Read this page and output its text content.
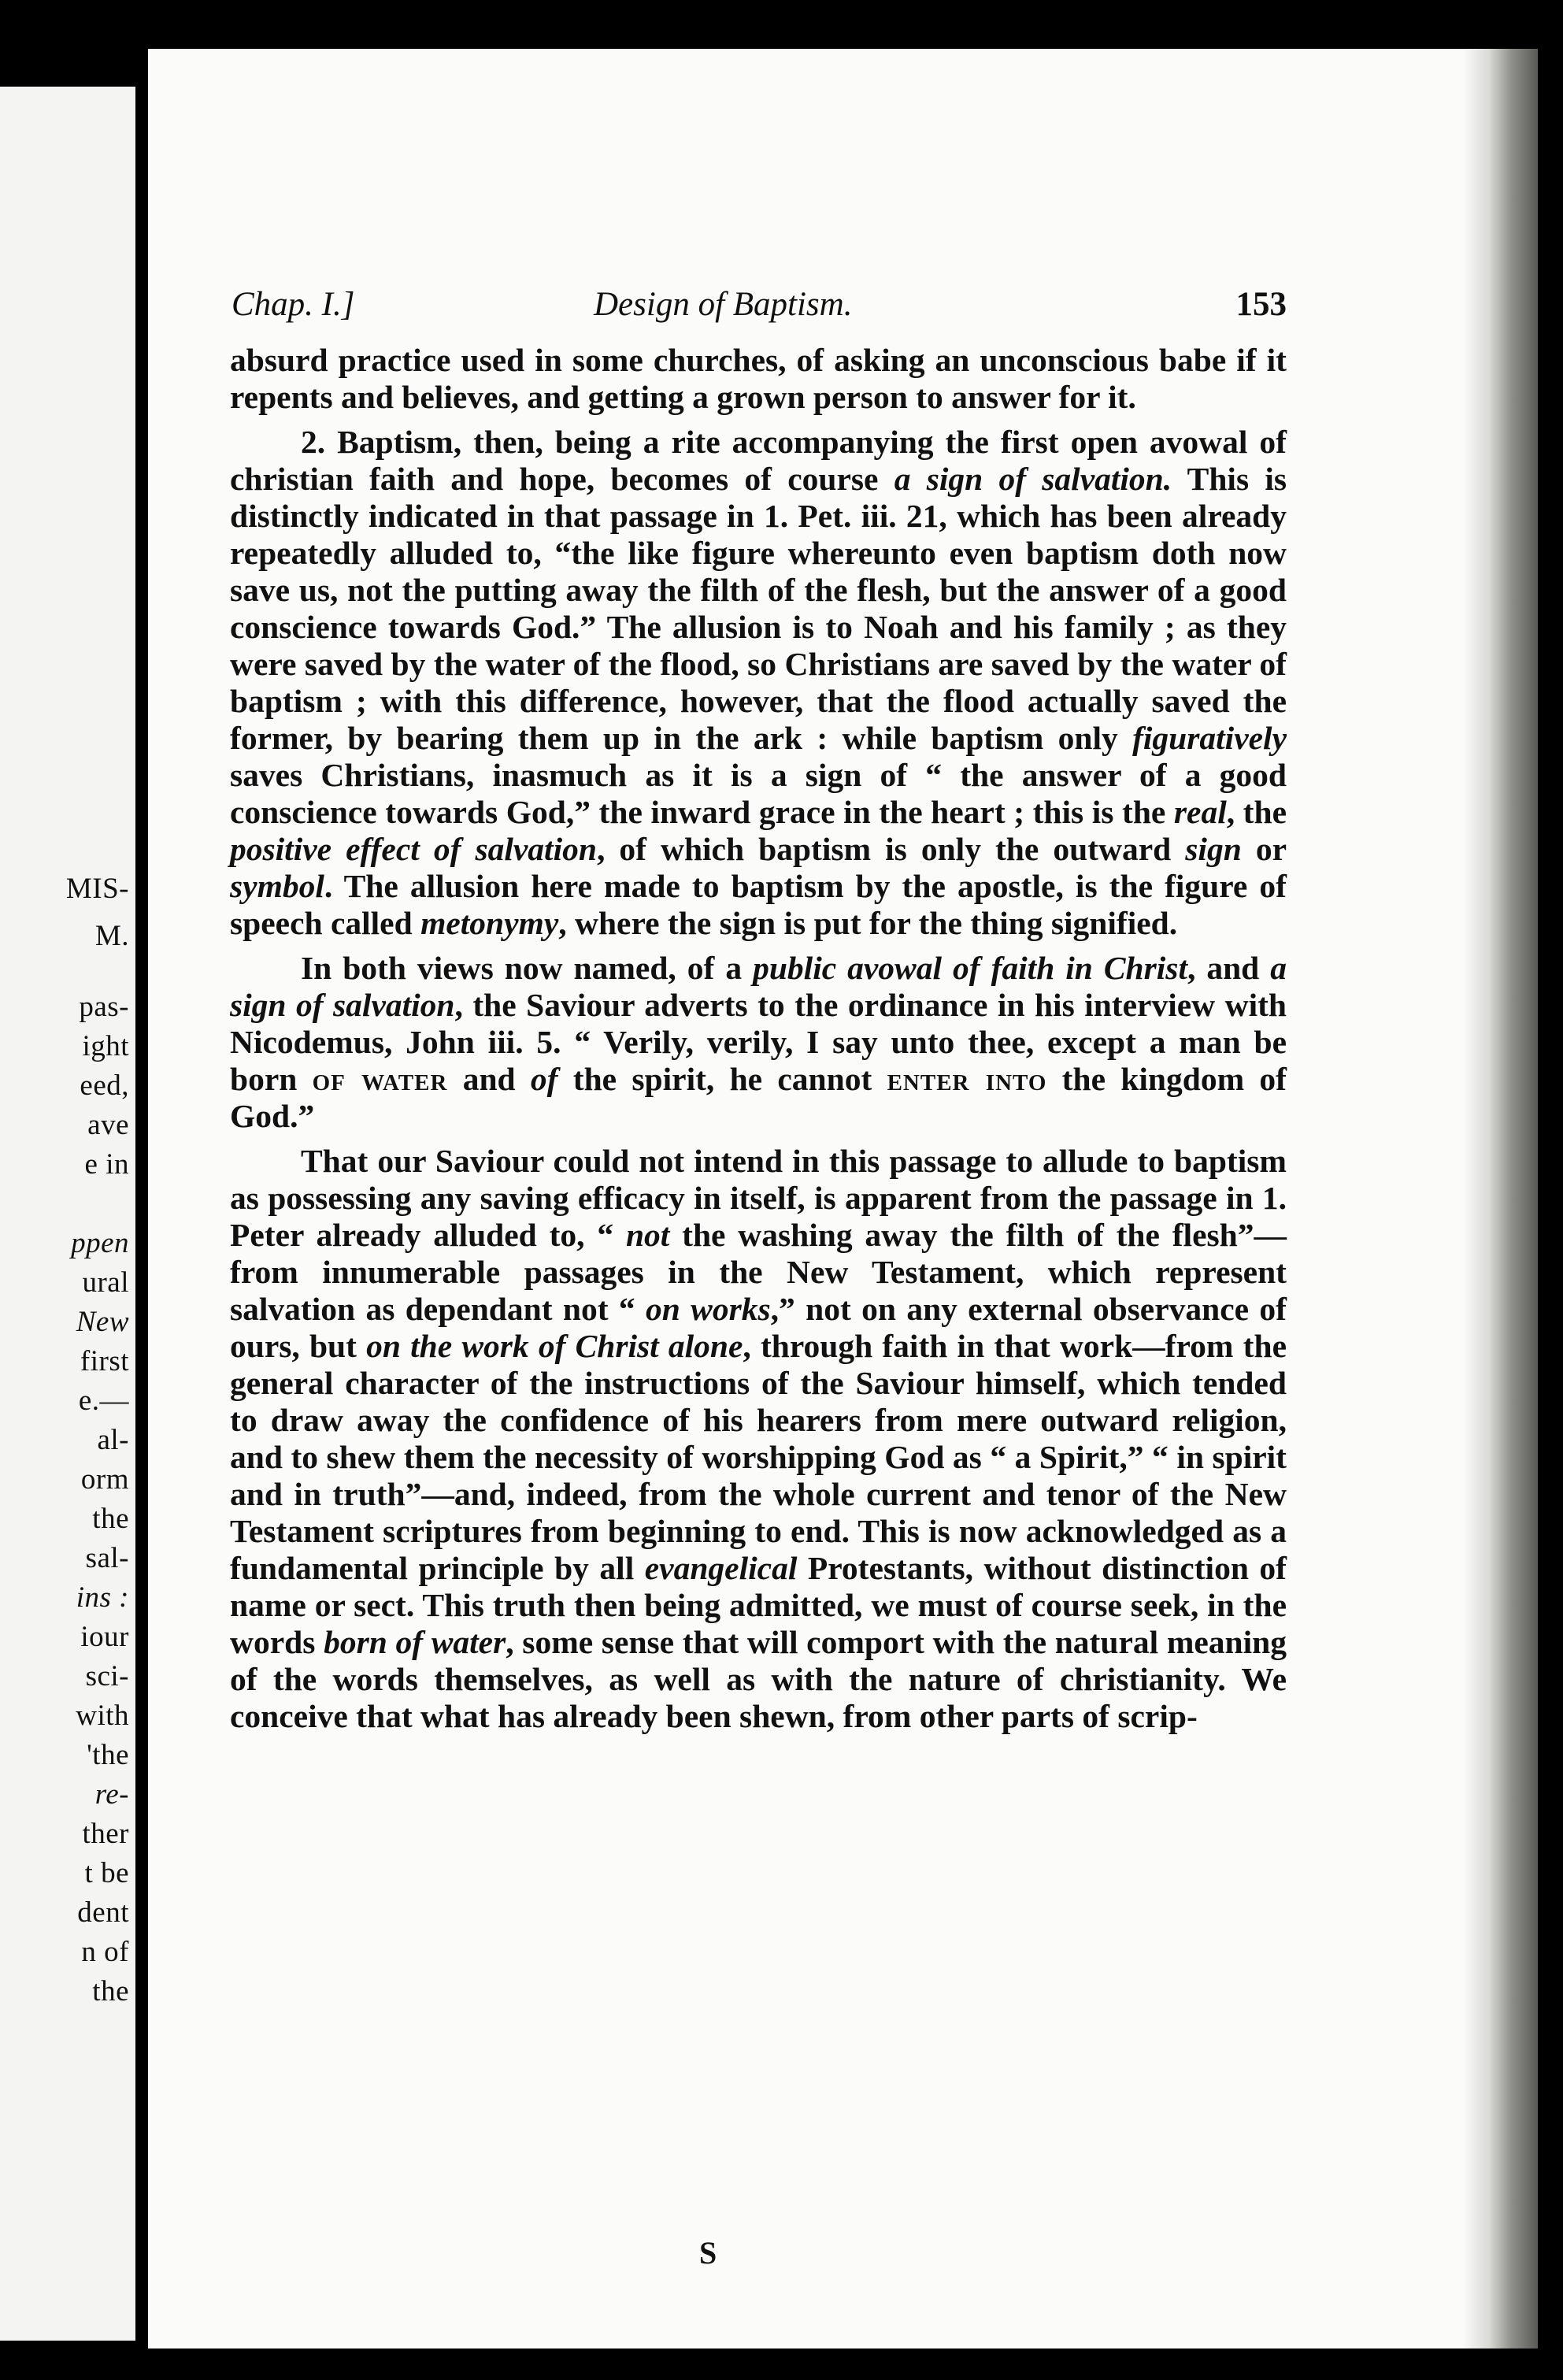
MIS-
M.
pas-
ight
eed,
ave
e in
ppen
ural
New
first
e.—
al-
orm
the
sal-
ins :
iour
sci-
with
'the
re-
ther
t be
dent
n of
the
Chap. I.]	Design of Baptism.	153

absurd practice used in some churches, of asking an unconscious babe if it repents and believes, and getting a grown person to answer for it.

2. Baptism, then, being a rite accompanying the first open avowal of christian faith and hope, becomes of course a sign of salvation. This is distinctly indicated in that passage in 1. Pet. iii. 21, which has been already repeatedly alluded to, “the like figure whereunto even baptism doth now save us, not the putting away the filth of the flesh, but the answer of a good conscience towards God.” The allusion is to Noah and his family ; as they were saved by the water of the flood, so Christians are saved by the water of baptism ; with this difference, however, that the flood actually saved the former, by bearing them up in the ark : while baptism only figuratively saves Christians, inasmuch as it is a sign of “ the answer of a good conscience towards God,” the inward grace in the heart ; this is the real, the positive effect of salvation, of which baptism is only the outward sign or symbol. The allusion here made to baptism by the apostle, is the figure of speech called metonymy, where the sign is put for the thing signified.

In both views now named, of a public avowal of faith in Christ, and a sign of salvation, the Saviour adverts to the ordinance in his interview with Nicodemus, John iii. 5. “ Verily, verily, I say unto thee, except a man be born of water and of the spirit, he cannot enter into the kingdom of God.”

That our Saviour could not intend in this passage to allude to baptism as possessing any saving efficacy in itself, is apparent from the passage in 1. Peter already alluded to, “ not the washing away the filth of the flesh”—from innumerable passages in the New Testament, which represent salvation as dependant not “ on works,” not on any external observance of ours, but on the work of Christ alone, through faith in that work—from the general character of the instructions of the Saviour himself, which tended to draw away the confidence of his hearers from mere outward religion, and to shew them the necessity of worshipping God as “ a Spirit,” “ in spirit and in truth”—and, indeed, from the whole current and tenor of the New Testament scriptures from beginning to end. This is now acknowledged as a fundamental principle by all evangelical Protestants, without distinction of name or sect. This truth then being admitted, we must of course seek, in the words born of water, some sense that will comport with the natural meaning of the words themselves, as well as with the nature of christianity. We conceive that what has already been shewn, from other parts of scrip-

S
